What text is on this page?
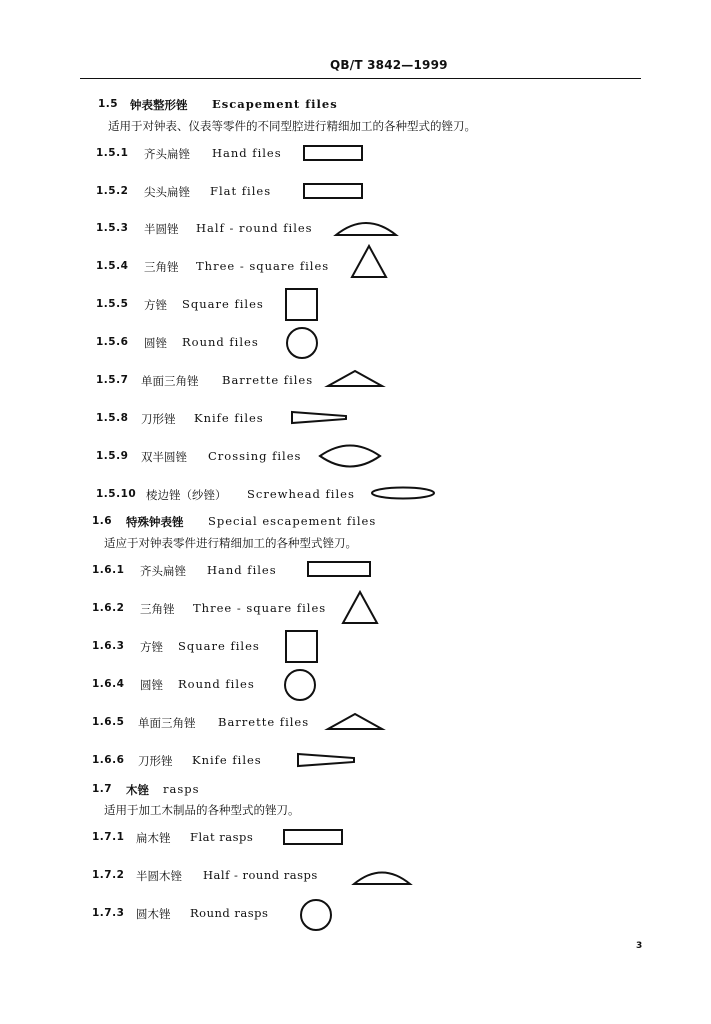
QB/T 3842—1999
1.5 钟表整形锉 Escapement files
适用于对钟表、仪表等零件的不同型腔进行精细加工的各种型式的锉刀。
1.5.1 齐头扁锉 Hand files
1.5.2 尖头扁锉 Flat files
1.5.3 半圆锉 Half - round files
1.5.4 三角锉 Three - square files
1.5.5 方锉 Square files
1.5.6 圆锉 Round files
1.5.7 单面三角锉 Barrette files
1.5.8 刀形锉 Knife files
1.5.9 双半圆锉 Crossing files
1.5.10 棱边锉（纱锉） Screwhead files
1.6 特殊钟表锉 Special escapement files
适应于对钟表零件进行精细加工的各种型式锉刀。
1.6.1 齐头扁锉 Hand files
1.6.2 三角锉 Three - square files
1.6.3 方锉 Square files
1.6.4 圆锉 Round files
1.6.5 单面三角锉 Barrette files
1.6.6 刀形锉 Knife files
1.7 木锉 rasps
适用于加工木制品的各种型式的锉刀。
1.7.1 扁木锉 Flat rasps
1.7.2 半圆木锉 Half - round rasps
1.7.3 圆木锉 Round rasps
3
